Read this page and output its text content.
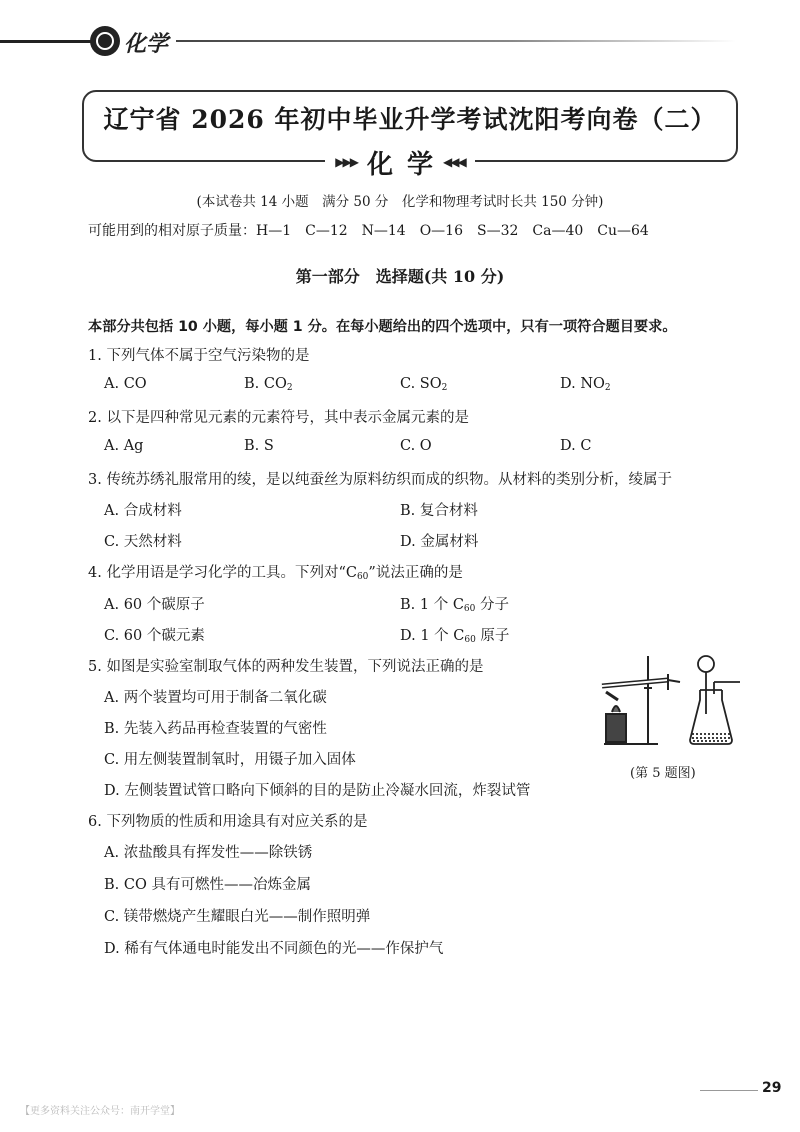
化学
辽宁省 2026 年初中毕业升学考试沈阳考向卷（二）
▶▶▶ 化学
◀◀◀
(本试卷共 14 小题　满分 50 分　化学和物理考试时长共 150 分钟)
可能用到的相对原子质量：H—1　C—12　N—14　O—16　S—32　Ca—40　Cu—64
第一部分　选择题(共 10 分)
本部分共包括 10 小题，每小题 1 分。在每小题给出的四个选项中，只有一项符合题目要求。
1. 下列气体不属于空气污染物的是
A. CO	B. $CO_2$	C. $SO_2$	D. $NO_2$
2. 以下是四种常见元素的元素符号，其中表示金属元素的是
A. Ag	B. S	C. O	D. C
3. 传统苏绣礼服常用的绫，是以纯蚕丝为原料纺织而成的织物。从材料的类别分析，绫属于
A. 合成材料	B. 复合材料
C. 天然材料	D. 金属材料
4. 化学用语是学习化学的工具。下列对“$C_{60}$”说法正确的是
A. 60 个碳原子	B. 1 个 $C_{60}$ 分子
C. 60 个碳元素	D. 1 个 $C_{60}$ 原子
5. 如图是实验室制取气体的两种发生装置，下列说法正确的是
A. 两个装置均可用于制备二氧化碳
B. 先装入药品再检查装置的气密性
C. 用左侧装置制氧时，用镊子加入固体
D. 左侧装置试管口略向下倾斜的目的是防止冷凝水回流，炸裂试管
(第 5 题图)
6. 下列物质的性质和用途具有对应关系的是
A. 浓盐酸具有挥发性——除铁锈
B. CO 具有可燃性——冶炼金属
C. 镁带燃烧产生耀眼白光——制作照明弹
D. 稀有气体通电时能发出不同颜色的光——作保护气
29
【更多资料关注公众号：南开学堂】
